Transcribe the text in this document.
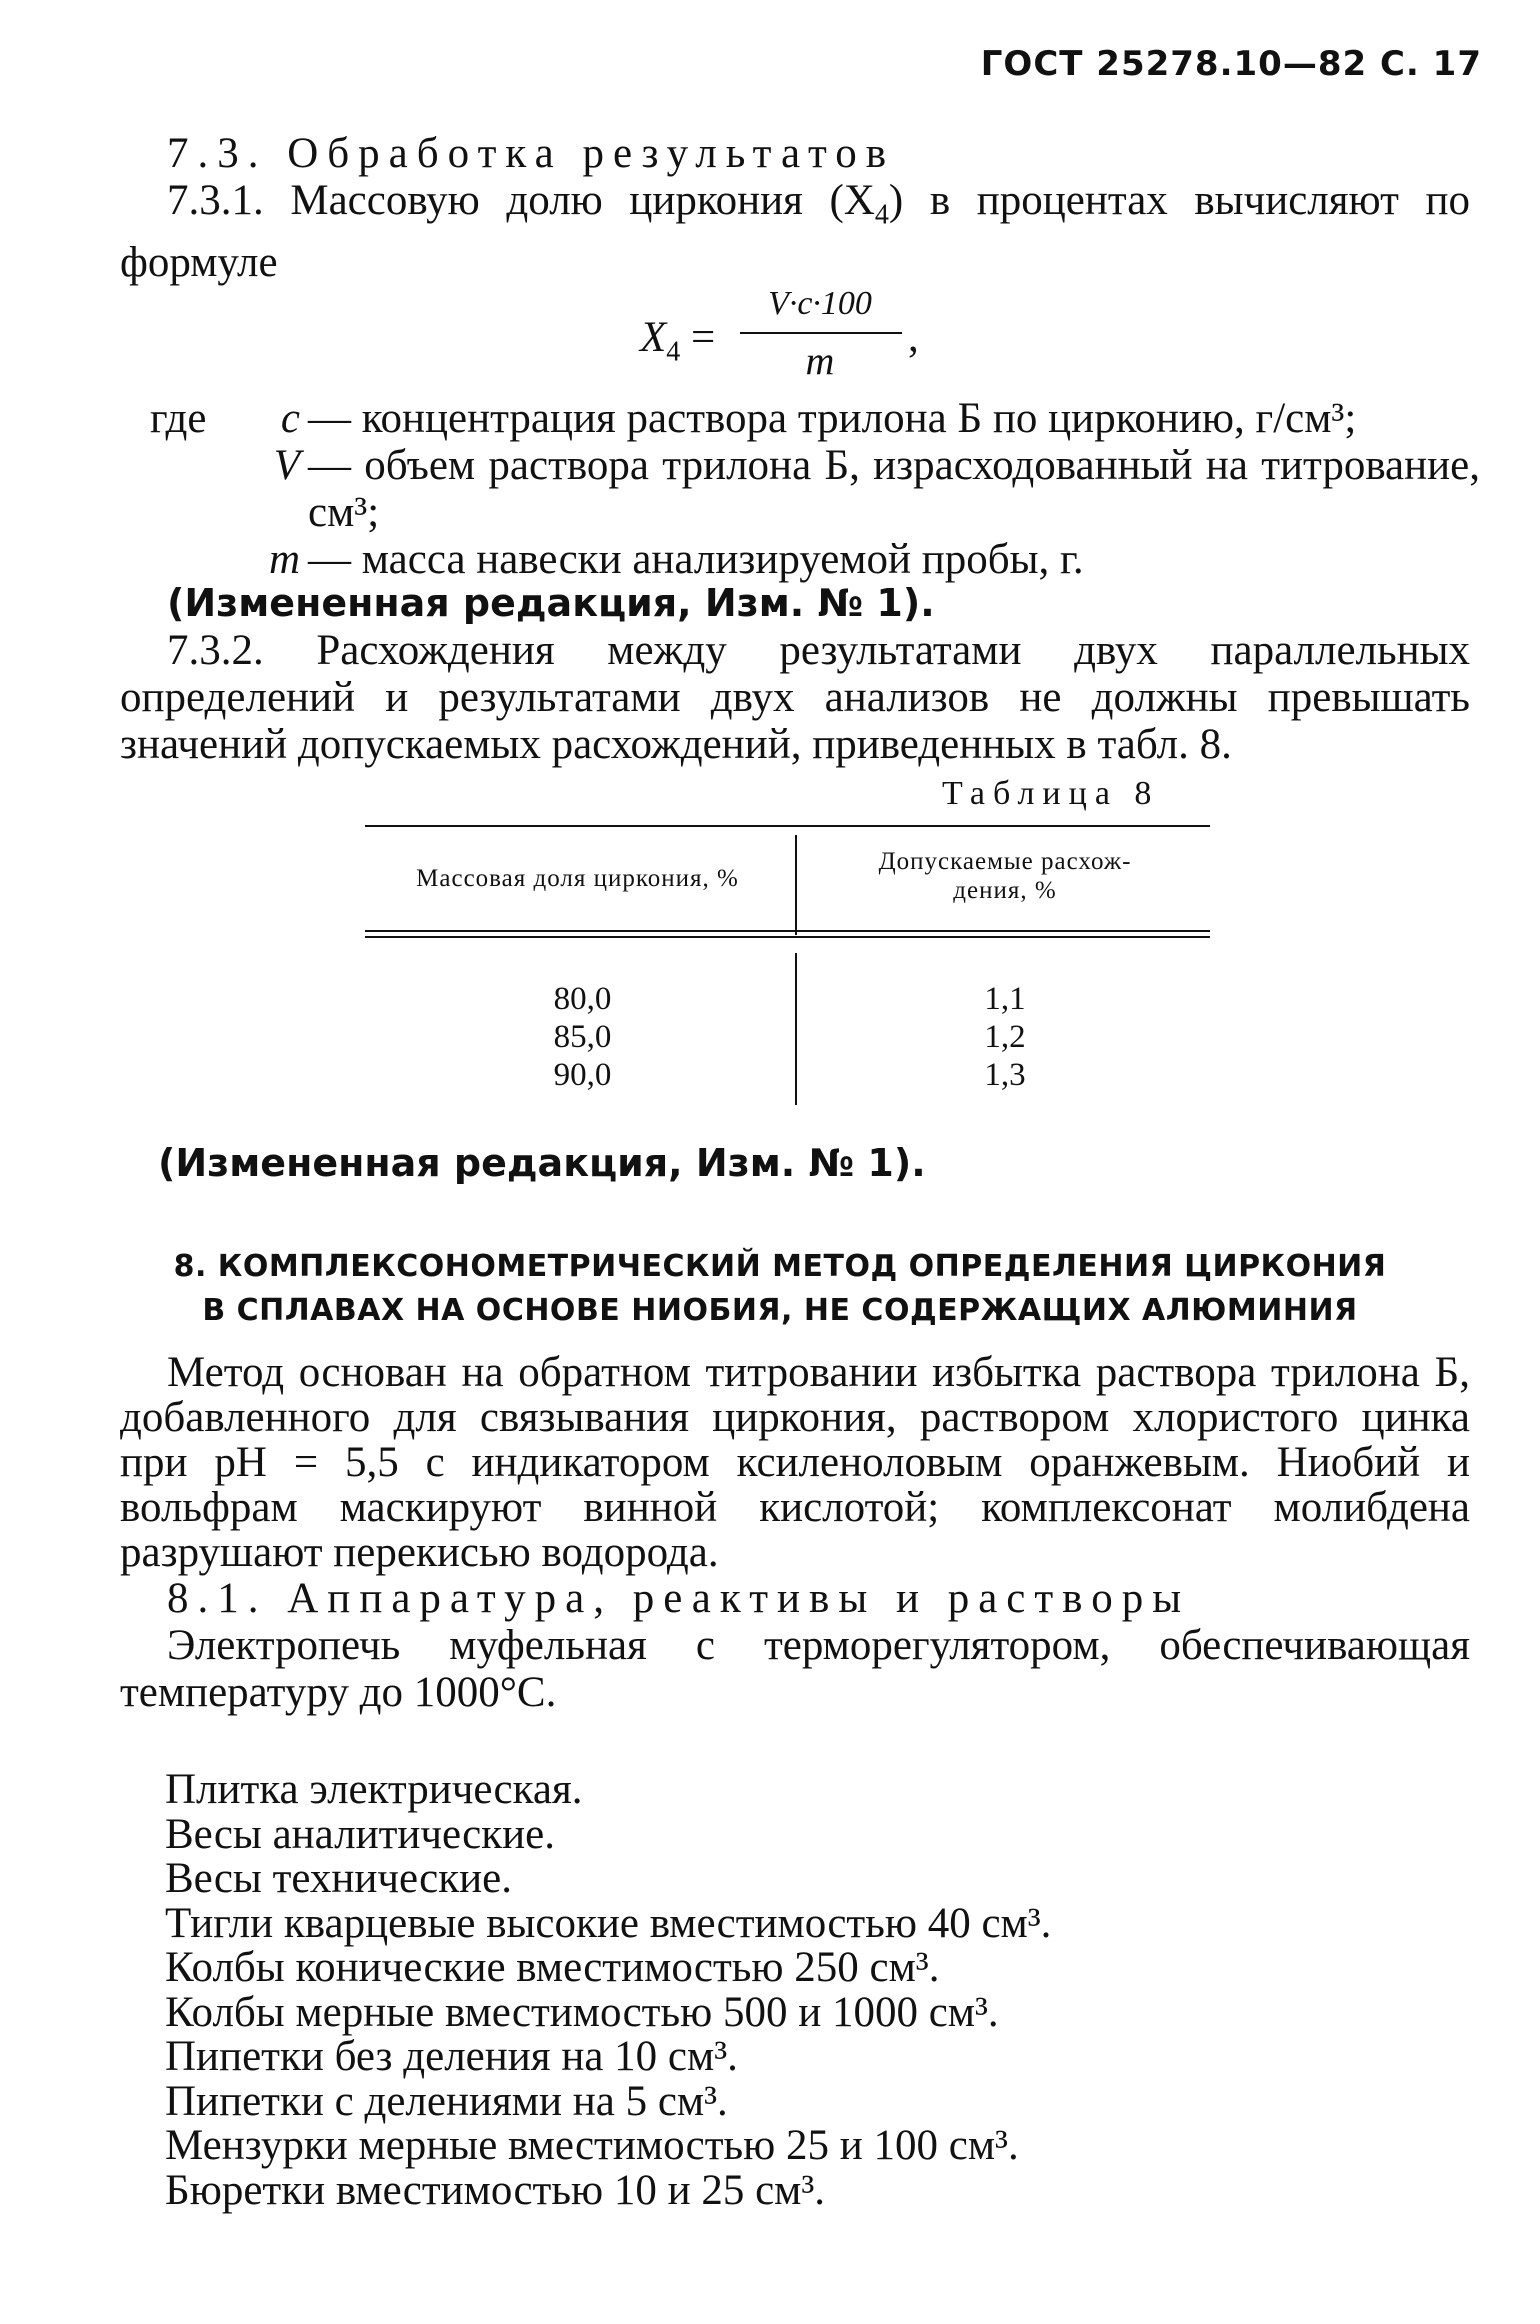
ГОСТ 25278.10—82 С. 17
7.3. Обработка результатов
7.3.1. Массовую долю циркония $(X_4)$ в процентах вычисляют по формуле
$X_4$ =
V·c·100
m	,
где	c — концентрация раствора трилона Б по цирконию, г/см³;
V — объем раствора трилона Б, израсходованный на титрование, см³;
m — масса навески анализируемой пробы, г.
(Измененная редакция, Изм. № 1).
7.3.2. Расхождения между результатами двух параллельных определений и результатами двух анализов не должны превышать значений допускаемых расхождений, приведенных в табл. 8.
Таблица 8
Массовая доля циркония, %
Допускаемые расхож-
дения, %
80,0
85,0
90,0
1,1
1,2
1,3
(Измененная редакция, Изм. № 1).
8. КОМПЛЕКСОНОМЕТРИЧЕСКИЙ МЕТОД ОПРЕДЕЛЕНИЯ ЦИРКОНИЯ
В СПЛАВАХ НА ОСНОВЕ НИОБИЯ, НЕ СОДЕРЖАЩИХ АЛЮМИНИЯ
Метод основан на обратном титровании избытка раствора трилона Б, добавленного для связывания циркония, раствором хлористого цинка при pH = 5,5 с индикатором ксиленоловым оранжевым. Ниобий и вольфрам маскируют винной кислотой; комплексонат молибдена разрушают перекисью водорода.
8.1. Аппаратура, реактивы и растворы
Электропечь муфельная с терморегулятором, обеспечивающая температуру до 1000°С.
Плитка электрическая.
Весы аналитические.
Весы технические.
Тигли кварцевые высокие вместимостью 40 см³.
Колбы конические вместимостью 250 см³.
Колбы мерные вместимостью 500 и 1000 см³.
Пипетки без деления на 10 см³.
Пипетки с делениями на 5 см³.
Мензурки мерные вместимостью 25 и 100 см³.
Бюретки вместимостью 10 и 25 см³.
